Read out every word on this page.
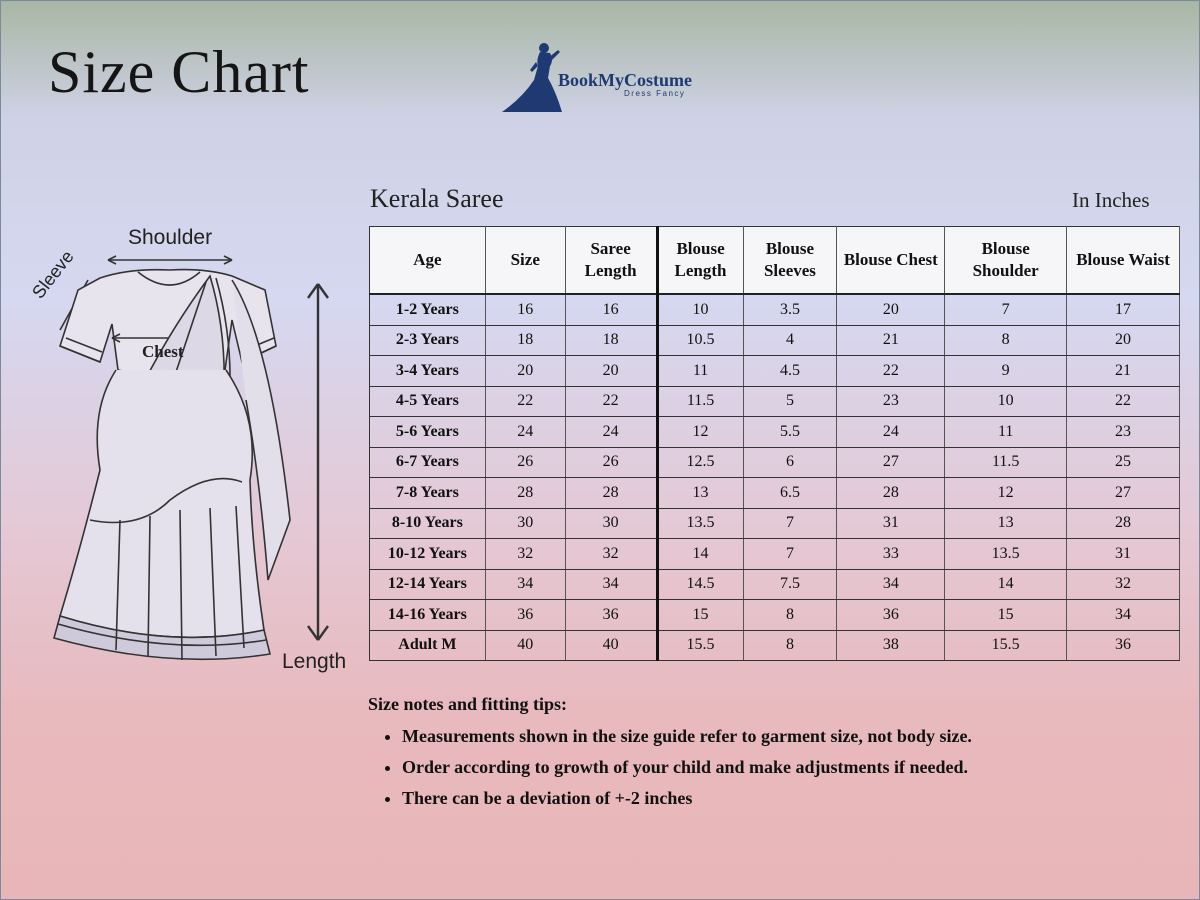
Size Chart	BookMyCostume
Dress Fancy
Shoulder
Sleeve
Chest
Length
Kerala Saree	In Inches
Age	Size	Saree Length	Blouse Length	Blouse Sleeves	Blouse Chest	Blouse Shoulder	Blouse Waist
1-2 Years	16	16	10	3.5	20	7	17
2-3 Years	18	18	10.5	4	21	8	20
3-4 Years	20	20	11	4.5	22	9	21
4-5 Years	22	22	11.5	5	23	10	22
5-6 Years	24	24	12	5.5	24	11	23
6-7 Years	26	26	12.5	6	27	11.5	25
7-8 Years	28	28	13	6.5	28	12	27
8-10 Years	30	30	13.5	7	31	13	28
10-12 Years	32	32	14	7	33	13.5	31
12-14 Years	34	34	14.5	7.5	34	14	32
14-16 Years	36	36	15	8	36	15	34
Adult M	40	40	15.5	8	38	15.5	36
Size notes and fitting tips:
• Measurements shown in the size guide refer to garment size, not body size.
• Order according to growth of your child and make adjustments if needed.
• There can be a deviation of +-2 inches
